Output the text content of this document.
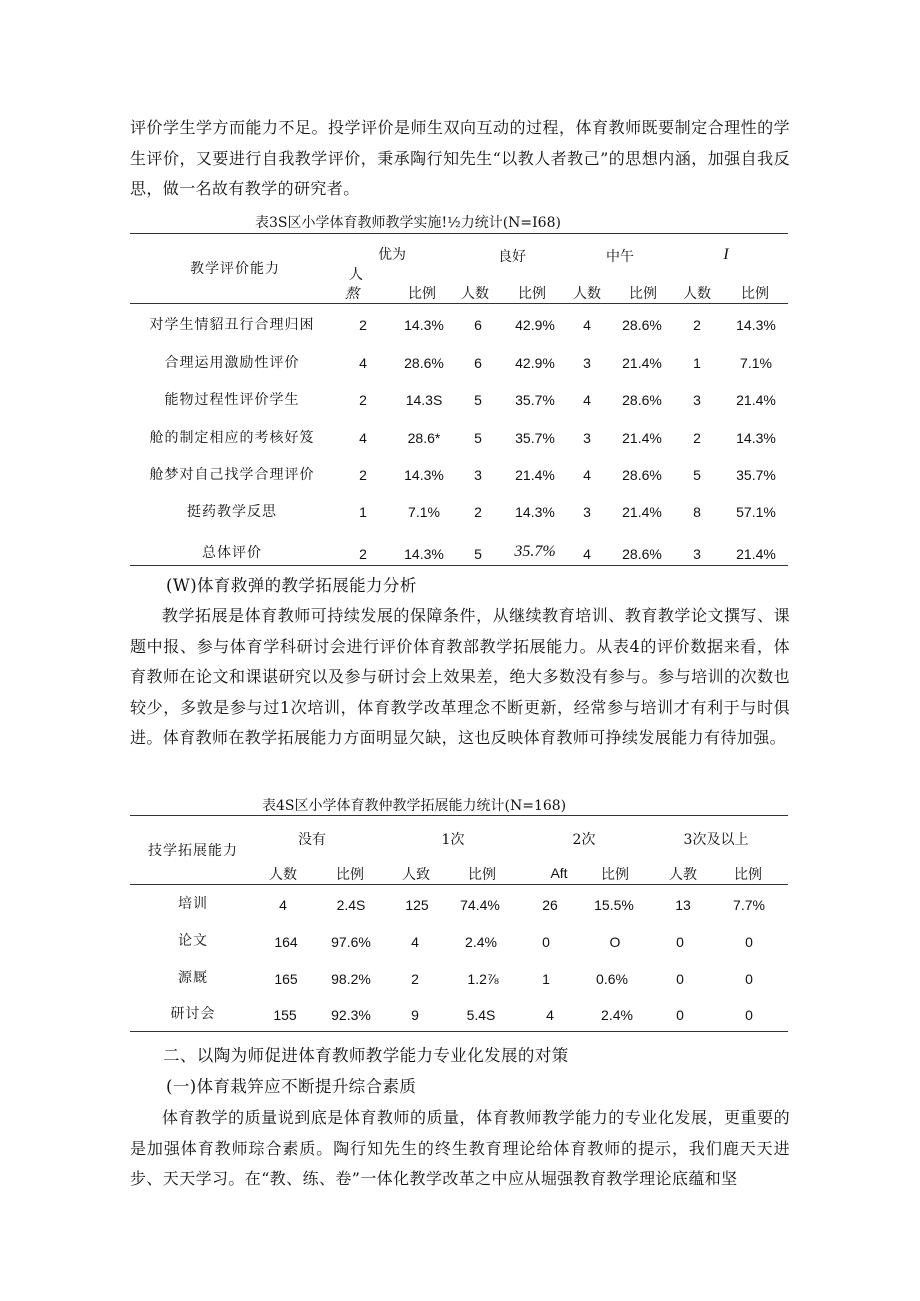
评价学生学方而能力不足。投学评价是师生双向互动的过程，体育教师既要制定合理性的学生评价，又要进行自我教学评价，秉承陶行知先生“以教人者教己”的思想内涵，加强自我反思，做一名故有教学的研究者。

表3S区小学体育教师教学实施!½力统计(N=I68)
教学评价能力
优为	良好	中午	I
人
熬	比例 人数 比例 人数 比例 人数 比例
对学生情貂丑行合理归困	2	14.3% 6 42.9% 4 28.6% 2	14.3%
合理运用激励性评价	4	28.6% 6 42.9% 3 21.4% 1	7.1%
能物过程性评价学生	2	14.3S 5 35.7% 4 28.6% 3	21.4%
舱的制定相应的考核好笈	4	28.6* 5 35.7% 3 21.4% 2	14.3%
舱梦对自己找学合理评价	2	14.3% 3 21.4% 4 28.6% 5	35.7%
挺药教学反思	1	7.1% 2 14.3% 3 21.4% 8	57.1%
总体评价	2	14.3% 5 35.7% 4 28.6% 3	21.4%
(W)体育救弹的教学拓展能力分析

教学拓展是体育教师可持续发展的保障条件，从继续教育培训、教育教学论文撰写、课题中报、参与体育学科研讨会进行评价体育教部教学拓展能力。从表4的评价数据来看，体育教师在论文和课谌研究以及参与研讨会上效果差，绝大多数没有参与。参与培训的次数也较少，多敦是参与过1次培训，体育教学改革理念不断更新，经常参与培训才有利于与时俱进。体育教师在教学拓展能力方面明显欠缺，这也反映体育教师可挣续发展能力有待加强。

表4S区小学体育教仲教学拓展能力统计(N=168)
技学拓展能力
没有	1次	2次	3次及以上
人数	比例	人致	比例	Aft 比例	人教	比例
培训	4	2.4S	125 74.4%	26	15.5%	13	7.7%
论文	164 97.6%	4	2.4%	0	O	0	0
源厩	165 98.2%	2	1.2⅞	1	0.6%	0	0
研讨会	155 92.3%	9	5.4S	4	2.4%	0	0
二、以陶为师促进体育教师教学能力专业化发展的对策
(一)体育栽笄应不断提升综合素质

体育教学的质量说到底是体育教师的质量，体育教师教学能力的专业化发展，更重要的是加强体育教师琮合素质。陶行知先生的终生教育理论给体育教师的提示，我们鹿天天进步、天天学习。在“教、练、卷”一体化教学改革之中应从堀强教育教学理论底蕴和坚
